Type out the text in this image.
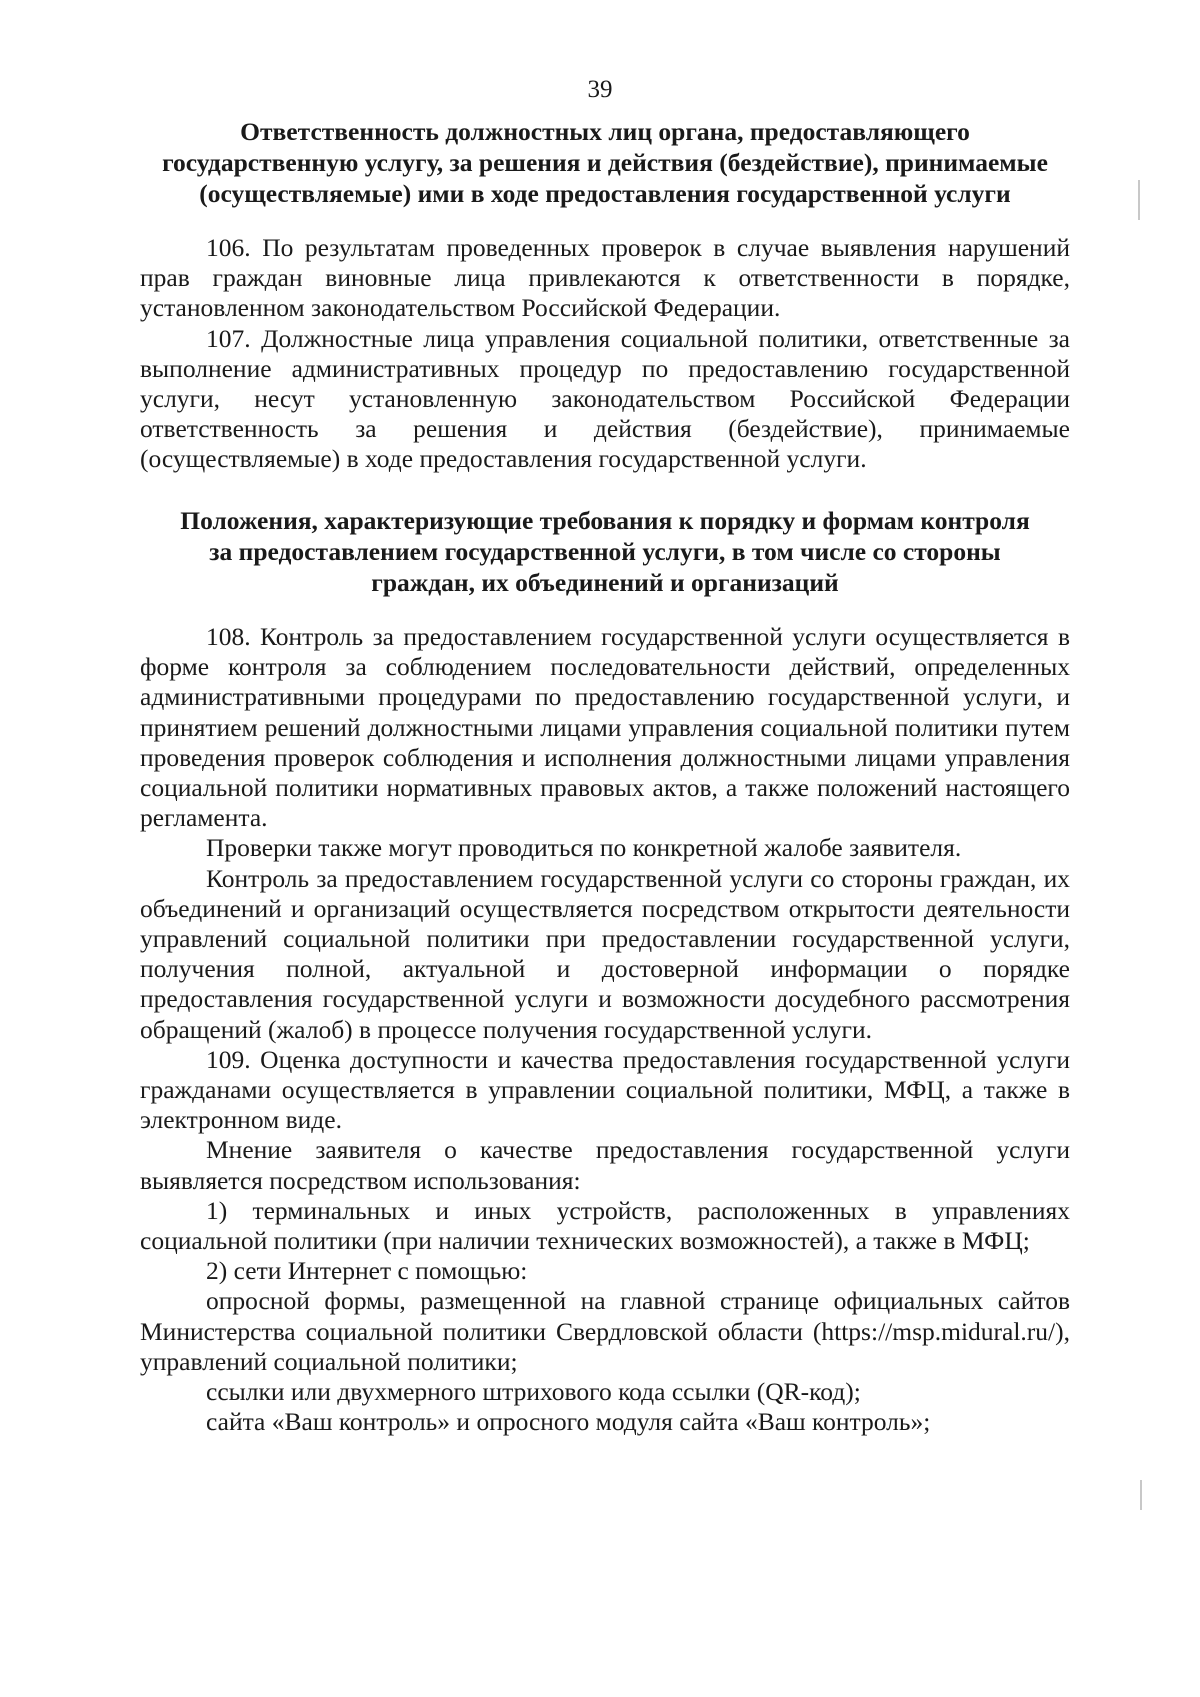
39
Ответственность должностных лиц органа, предоставляющего
государственную услугу, за решения и действия (бездействие), принимаемые
(осуществляемые) ими в ходе предоставления государственной услуги

106. По результатам проведенных проверок в случае выявления нарушений прав граждан виновные лица привлекаются к ответственности в порядке, установленном законодательством Российской Федерации.

107. Должностные лица управления социальной политики, ответственные за выполнение административных процедур по предоставлению государственной услуги, несут установленную законодательством Российской Федерации ответственность за решения и действия (бездействие), принимаемые (осуществляемые) в ходе предоставления государственной услуги.

Положения, характеризующие требования к порядку и формам контроля
за предоставлением государственной услуги, в том числе со стороны
граждан, их объединений и организаций

108. Контроль за предоставлением государственной услуги осуществляется в форме контроля за соблюдением последовательности действий, определенных административными процедурами по предоставлению государственной услуги, и принятием решений должностными лицами управления социальной политики путем проведения проверок соблюдения и исполнения должностными лицами управления социальной политики нормативных правовых актов, а также положений настоящего регламента.

Проверки также могут проводиться по конкретной жалобе заявителя.

Контроль за предоставлением государственной услуги со стороны граждан, их объединений и организаций осуществляется посредством открытости деятельности управлений социальной политики при предоставлении государственной услуги, получения полной, актуальной и достоверной информации о порядке предоставления государственной услуги и возможности досудебного рассмотрения обращений (жалоб) в процессе получения государственной услуги.

109. Оценка доступности и качества предоставления государственной услуги гражданами осуществляется в управлении социальной политики, МФЦ, а также в электронном виде.

Мнение заявителя о качестве предоставления государственной услуги выявляется посредством использования:

1) терминальных и иных устройств, расположенных в управлениях социальной политики (при наличии технических возможностей), а также в МФЦ;

2) сети Интернет с помощью:

опросной формы, размещенной на главной странице официальных сайтов Министерства социальной политики Свердловской области (https://msp.midural.ru/), управлений социальной политики;

ссылки или двухмерного штрихового кода ссылки (QR-код);

сайта «Ваш контроль» и опросного модуля сайта «Ваш контроль»;
